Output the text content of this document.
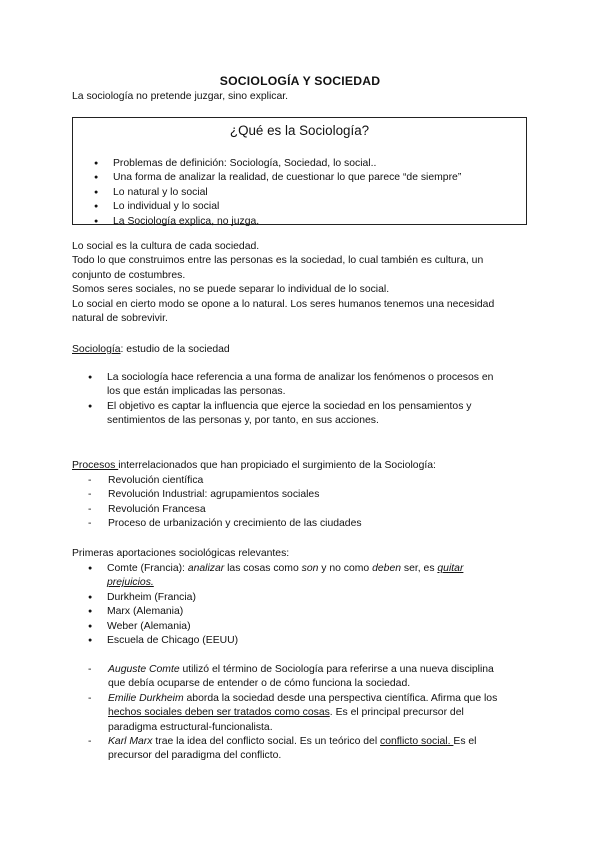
SOCIOLOGÍA Y SOCIEDAD
La sociología no pretende juzgar, sino explicar.
¿Qué es la Sociología?
● Problemas de definición: Sociología, Sociedad, lo social..
● Una forma de analizar la realidad, de cuestionar lo que parece “de siempre”
● Lo natural y lo social
● Lo individual y lo social
● La Sociología explica, no juzga.
Lo social es la cultura de cada sociedad.
Todo lo que construimos entre las personas es la sociedad, lo cual también es cultura, un
conjunto de costumbres.
Somos seres sociales, no se puede separar lo individual de lo social.
Lo social en cierto modo se opone a lo natural. Los seres humanos tenemos una necesidad
natural de sobrevivir.
Sociología: estudio de la sociedad
● La sociología hace referencia a una forma de analizar los fenómenos o procesos en
los que están implicadas las personas.
● El objetivo es captar la influencia que ejerce la sociedad en los pensamientos y
sentimientos de las personas y, por tanto, en sus acciones.
Procesos interrelacionados que han propiciado el surgimiento de la Sociología:
- Revolución científica
- Revolución Industrial: agrupamientos sociales
- Revolución Francesa
- Proceso de urbanización y crecimiento de las ciudades
Primeras aportaciones sociológicas relevantes:
● Comte (Francia): analizar las cosas como son y no como deben ser, es quitar
prejuicios.
● Durkheim (Francia)
● Marx (Alemania)
● Weber (Alemania)
● Escuela de Chicago (EEUU)
- Auguste Comte utilizó el término de Sociología para referirse a una nueva disciplina
que debía ocuparse de entender o de cómo funciona la sociedad.
- Emilie Durkheim aborda la sociedad desde una perspectiva científica. Afirma que los
hechos sociales deben ser tratados como cosas. Es el principal precursor del
paradigma estructural-funcionalista.
- Karl Marx trae la idea del conflicto social. Es un teórico del conflicto social. Es el
precursor del paradigma del conflicto.
